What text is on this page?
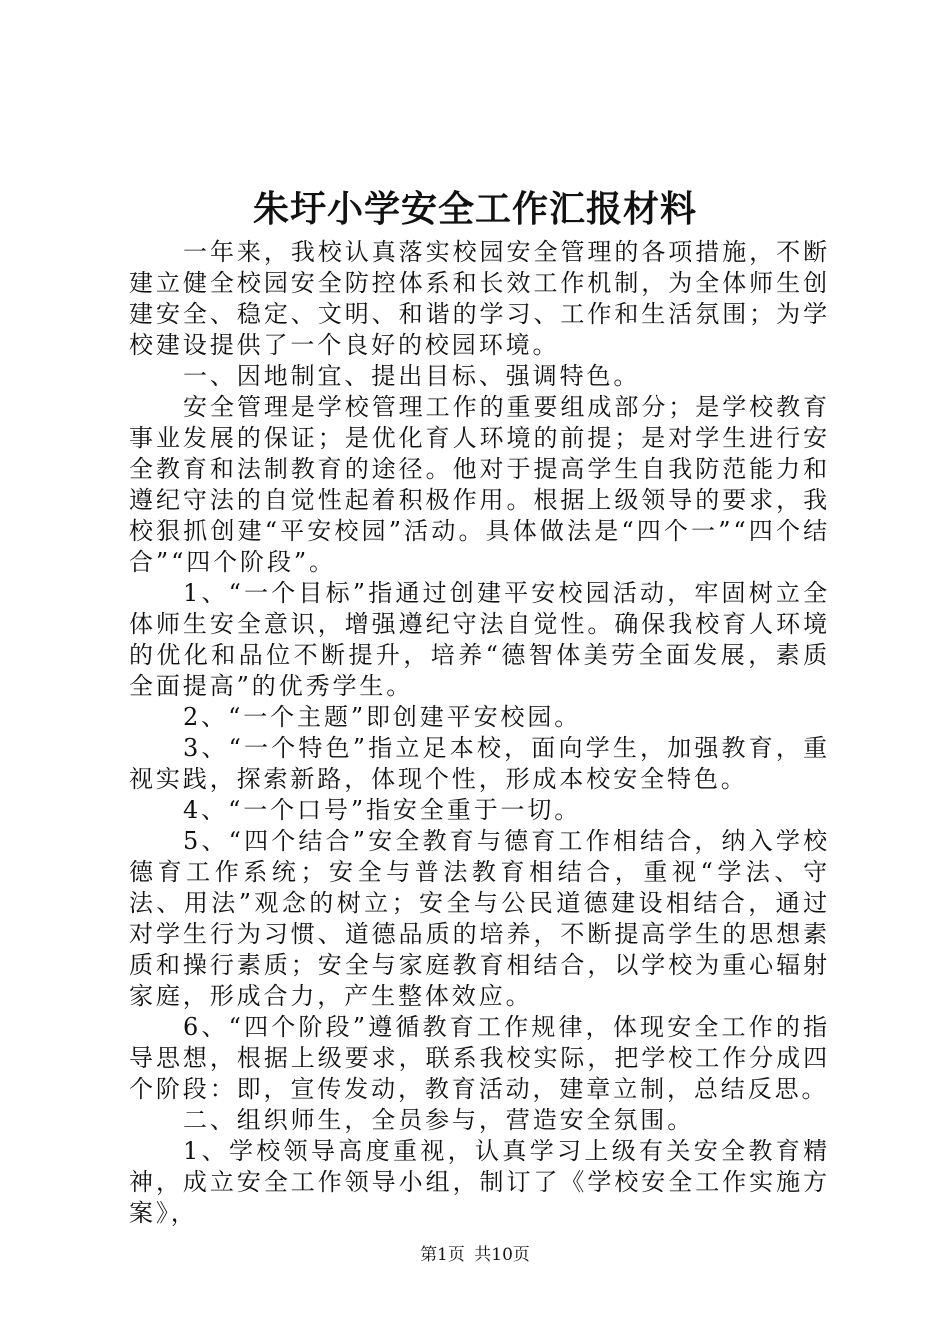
朱圩小学安全工作汇报材料

一年来，我校认真落实校园安全管理的各项措施，不断建立健全校园安全防控体系和长效工作机制，为全体师生创建安全、稳定、文明、和谐的学习、工作和生活氛围；为学校建设提供了一个良好的校园环境。

一、因地制宜、提出目标、强调特色。

安全管理是学校管理工作的重要组成部分；是学校教育事业发展的保证；是优化育人环境的前提；是对学生进行安全教育和法制教育的途径。他对于提高学生自我防范能力和遵纪守法的自觉性起着积极作用。根据上级领导的要求，我校狠抓创建“平安校园”活动。具体做法是“四个一”“四个结合”“四个阶段”。

1、“一个目标”指通过创建平安校园活动，牢固树立全体师生安全意识，增强遵纪守法自觉性。确保我校育人环境的优化和品位不断提升，培养“德智体美劳全面发展，素质全面提高”的优秀学生。

2、“一个主题”即创建平安校园。

3、“一个特色”指立足本校，面向学生，加强教育，重视实践，探索新路，体现个性，形成本校安全特色。

4、“一个口号”指安全重于一切。

5、“四个结合”安全教育与德育工作相结合，纳入学校德育工作系统；安全与普法教育相结合，重视“学法、守法、用法”观念的树立；安全与公民道德建设相结合，通过对学生行为习惯、道德品质的培养，不断提高学生的思想素质和操行素质；安全与家庭教育相结合，以学校为重心辐射家庭，形成合力，产生整体效应。

6、“四个阶段”遵循教育工作规律，体现安全工作的指导思想，根据上级要求，联系我校实际，把学校工作分成四个阶段：即，宣传发动，教育活动，建章立制，总结反思。

二、组织师生，全员参与，营造安全氛围。

1、学校领导高度重视，认真学习上级有关安全教育精神，成立安全工作领导小组，制订了《学校安全工作实施方案》，

第1页 共10页
